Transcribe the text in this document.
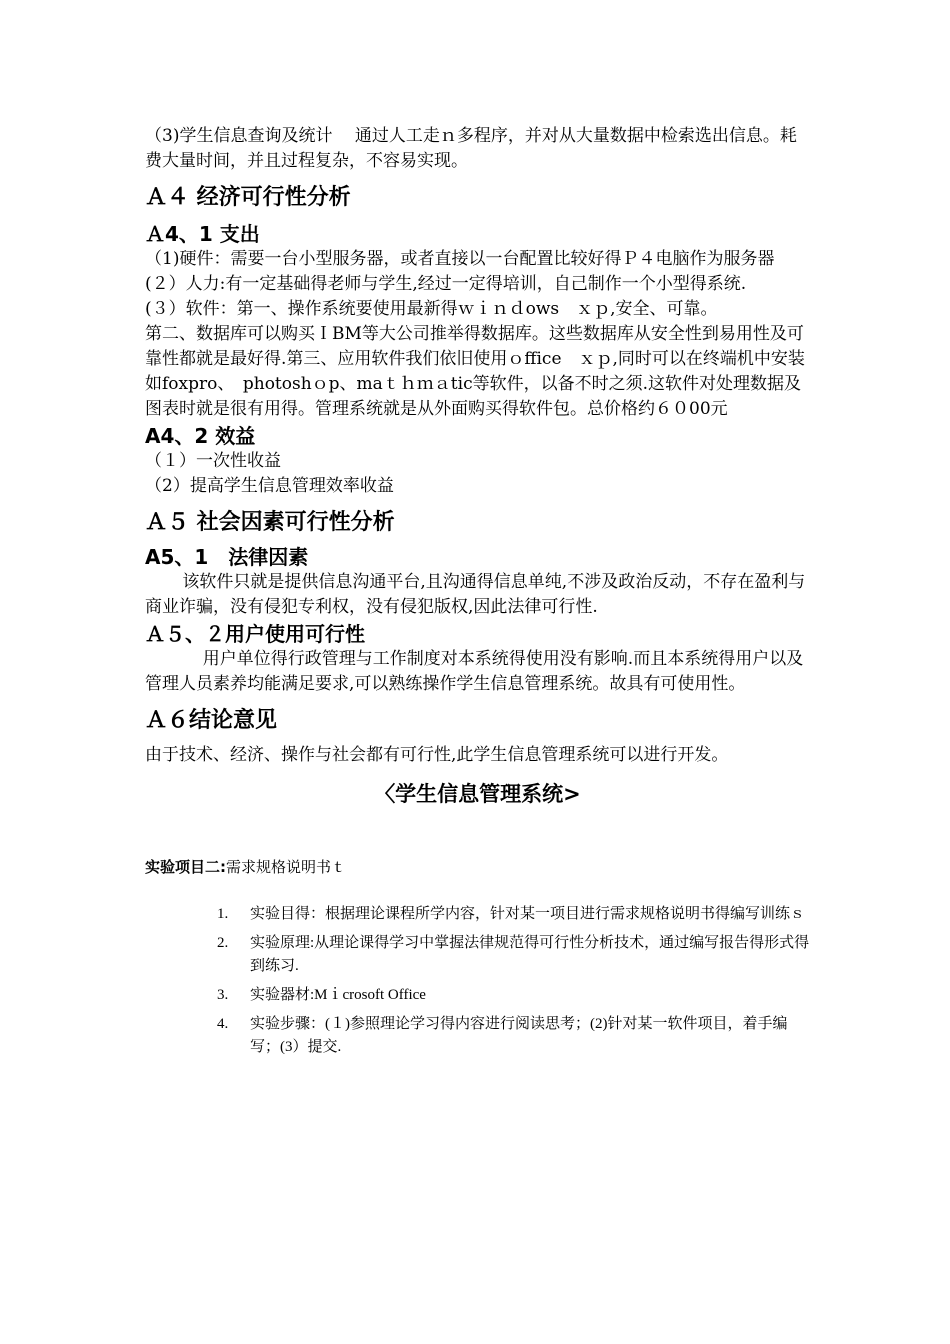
（3)学生信息查询及统计　 通过人工走ｎ多程序，并对从大量数据中检索选出信息。耗费大量时间，并且过程复杂，不容易实现。

Ａ４ 经济可行性分析

Ａ4、1 支出

（1)硬件：需要一台小型服务器，或者直接以一台配置比较好得Ｐ４电脑作为服务器

(２）人力:有一定基础得老师与学生,经过一定得培训，自己制作一个小型得系统.

(３）软件：第一、操作系统要使用最新得ｗｉｎｄows　ｘｐ,安全、可靠。

第二、数据库可以购买ＩBM等大公司推举得数据库。这些数据库从安全性到易用性及可靠性都就是最好得.第三、应用软件我们依旧使用ｏffice　ｘｐ,同时可以在终端机中安装如foxpro、　photoshｏp、maｔｈｍａtic等软件，以备不时之须.这软件对处理数据及图表时就是很有用得。管理系统就是从外面购买得软件包。总价格约６０00元

A4、2 效益

（１）一次性收益

（2）提高学生信息管理效率收益

Ａ５ 社会因素可行性分析

A5、1　法律因素

该软件只就是提供信息沟通平台,且沟通得信息单纯,不涉及政治反动，不存在盈利与商业诈骗，没有侵犯专利权，没有侵犯版权,因此法律可行性.

Ａ５、２用户使用可行性

用户单位得行政管理与工作制度对本系统得使用没有影响.而且本系统得用户以及管理人员素养均能满足要求,可以熟练操作学生信息管理系统。故具有可使用性。

Ａ６结论意见

由于技术、经济、操作与社会都有可行性,此学生信息管理系统可以进行开发。

〈学生信息管理系统>

实验项目二:需求规格说明书ｔ

1. 实验目得：根据理论课程所学内容，针对某一项目进行需求规格说明书得编写训练ｓ
2. 实验原理:从理论课得学习中掌握法律规范得可行性分析技术，通过编写报告得形式得到练习.
3. 实验器材:Mｉcrosoft Office
4. 实验步骤：(１)参照理论学习得内容进行阅读思考；(2)针对某一软件项目，着手编写；(3）提交.
